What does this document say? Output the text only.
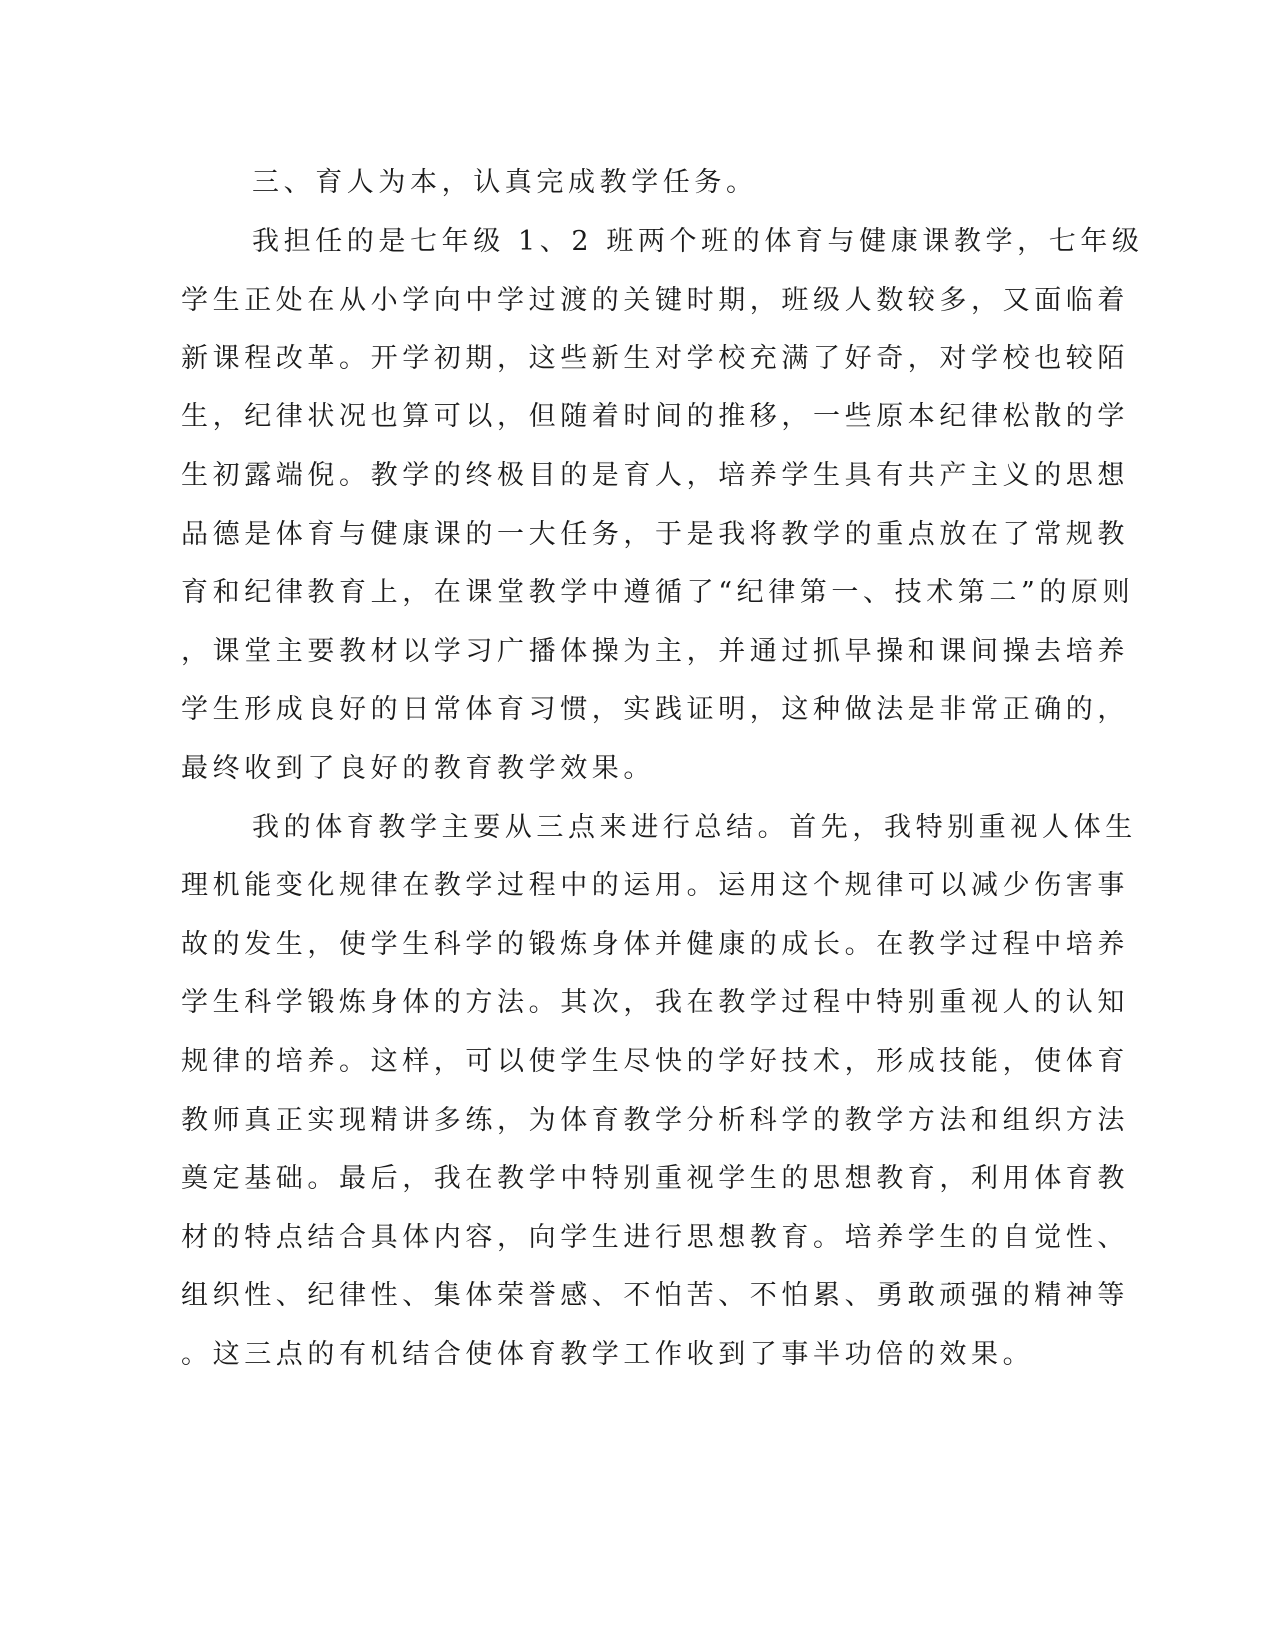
三、育人为本，认真完成教学任务。
我担任的是七年级 1、2 班两个班的体育与健康课教学，七年级
学生正处在从小学向中学过渡的关键时期，班级人数较多，又面临着
新课程改革。开学初期，这些新生对学校充满了好奇，对学校也较陌
生，纪律状况也算可以，但随着时间的推移，一些原本纪律松散的学
生初露端倪。教学的终极目的是育人，培养学生具有共产主义的思想
品德是体育与健康课的一大任务，于是我将教学的重点放在了常规教
育和纪律教育上，在课堂教学中遵循了“纪律第一、技术第二”的原则
，课堂主要教材以学习广播体操为主，并通过抓早操和课间操去培养
学生形成良好的日常体育习惯，实践证明，这种做法是非常正确的，
最终收到了良好的教育教学效果。
我的体育教学主要从三点来进行总结。首先，我特别重视人体生
理机能变化规律在教学过程中的运用。运用这个规律可以减少伤害事
故的发生，使学生科学的锻炼身体并健康的成长。在教学过程中培养
学生科学锻炼身体的方法。其次，我在教学过程中特别重视人的认知
规律的培养。这样，可以使学生尽快的学好技术，形成技能，使体育
教师真正实现精讲多练，为体育教学分析科学的教学方法和组织方法
奠定基础。最后，我在教学中特别重视学生的思想教育，利用体育教
材的特点结合具体内容，向学生进行思想教育。培养学生的自觉性、
组织性、纪律性、集体荣誉感、不怕苦、不怕累、勇敢顽强的精神等
。这三点的有机结合使体育教学工作收到了事半功倍的效果。
